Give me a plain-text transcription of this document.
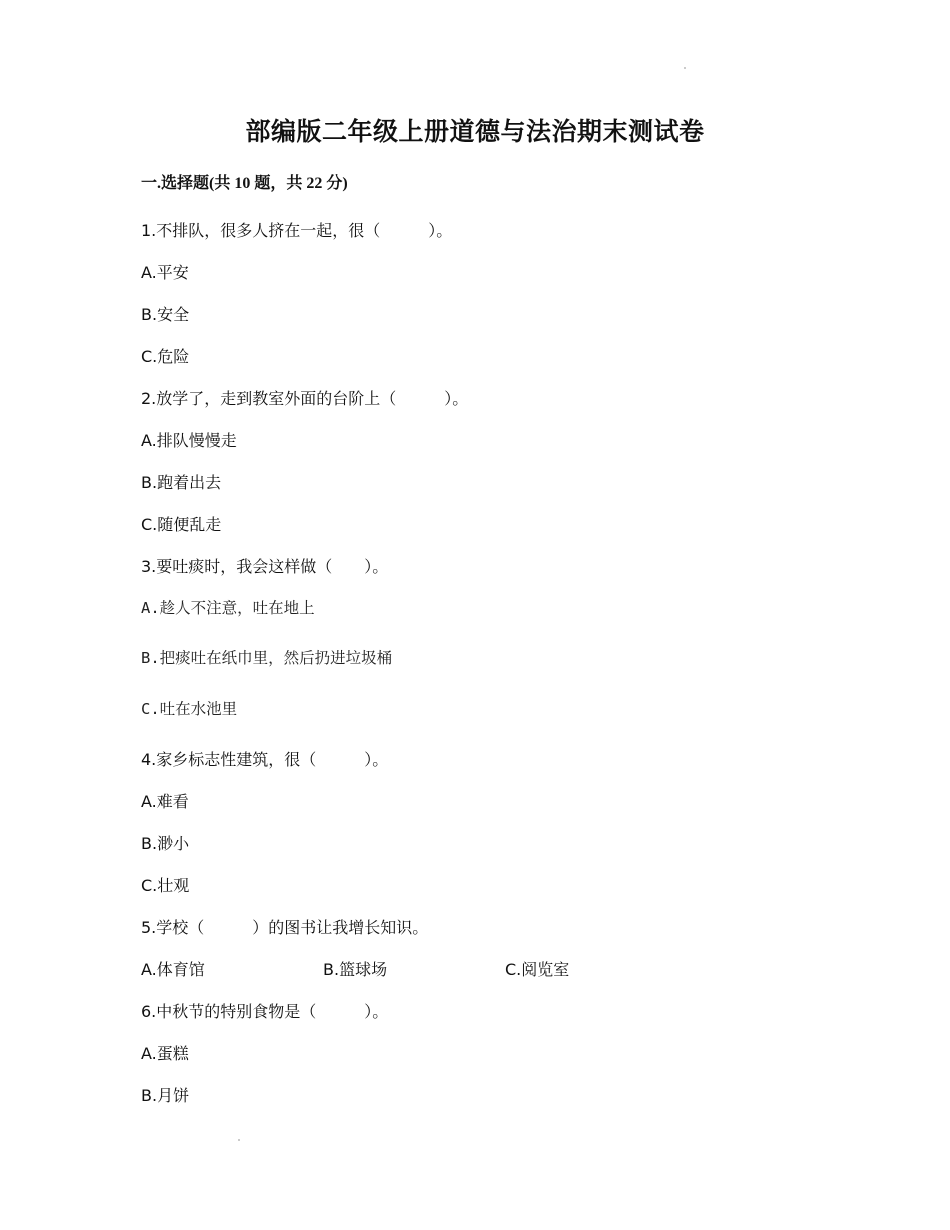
部编版二年级上册道德与法治期末测试卷
一.选择题(共 10 题，共 22 分)
1.不排队，很多人挤在一起，很（　　　）。
A.平安
B.安全
C.危险
2.放学了，走到教室外面的台阶上（　　　）。
A.排队慢慢走
B.跑着出去
C.随便乱走
3.要吐痰时，我会这样做（　　）。
A.趁人不注意，吐在地上
B.把痰吐在纸巾里，然后扔进垃圾桶
C.吐在水池里
4.家乡标志性建筑，很（　　　）。
A.难看
B.渺小
C.壮观
5.学校（　　　）的图书让我增长知识。
A.体育馆	B.篮球场	C.阅览室
6.中秋节的特别食物是（　　　）。
A.蛋糕
B.月饼
